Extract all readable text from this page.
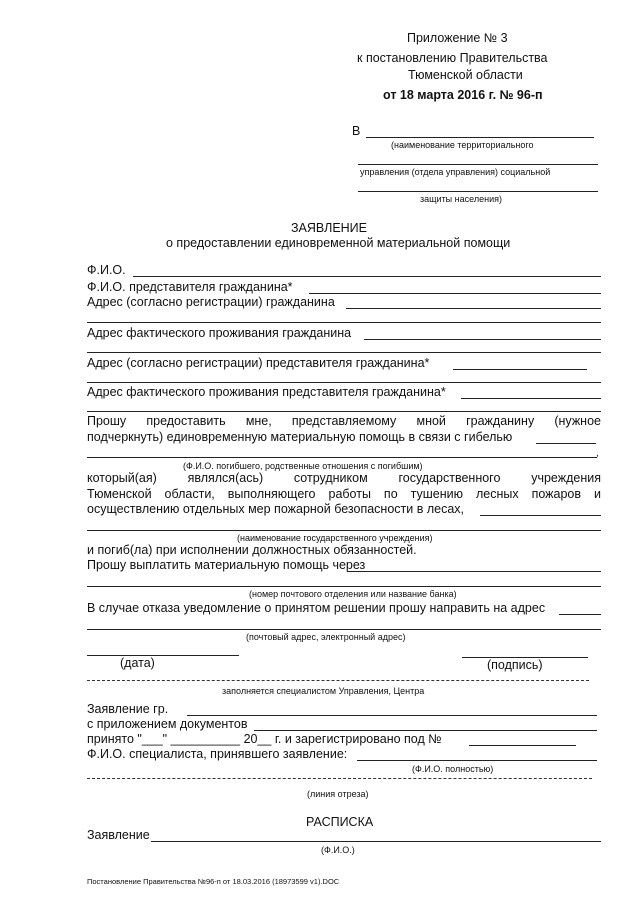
Приложение № 3
к постановлению Правительства
Тюменской области
от 18 марта 2016 г. № 96-п
В
(наименование территориального
управления (отдела управления) социальной
защиты населения)
ЗАЯВЛЕНИЕ
о предоставлении единовременной материальной помощи
Ф.И.О.
Ф.И.О. представителя гражданина*
Адрес (согласно регистрации) гражданина
Адрес фактического проживания гражданина
Адрес (согласно регистрации) представителя гражданина*
Адрес фактического проживания представителя гражданина*
Прошу предоставить мне, представляемому мной гражданину (нужное
подчеркнуть) единовременную материальную помощь в связи с гибелью
,
(Ф.И.О. погибшего, родственные отношения с погибшим)
который(ая) являлся(ась) сотрудником государственного учреждения
Тюменской области, выполняющего работы по тушению лесных пожаров и
осуществлению отдельных мер пожарной безопасности в лесах,
(наименование государственного учреждения)
и погиб(ла) при исполнении должностных обязанностей.
Прошу выплатить материальную помощь через
(номер почтового отделения или название банка)
В случае отказа уведомление о принятом решении прошу направить на адрес
(почтовый адрес, электронный адрес)
(дата)	(подпись)
заполняется специалистом Управления, Центра
Заявление гр.
с приложением документов
принято "___" __________ 20__ г. и зарегистрировано под №
Ф.И.О. специалиста, принявшего заявление:
(Ф.И.О. полностью)
(линия отреза)
РАСПИСКА
Заявление
(Ф.И.О.)
Постановление Правительства №96-п от 18.03.2016 (18973599 v1).DOC
